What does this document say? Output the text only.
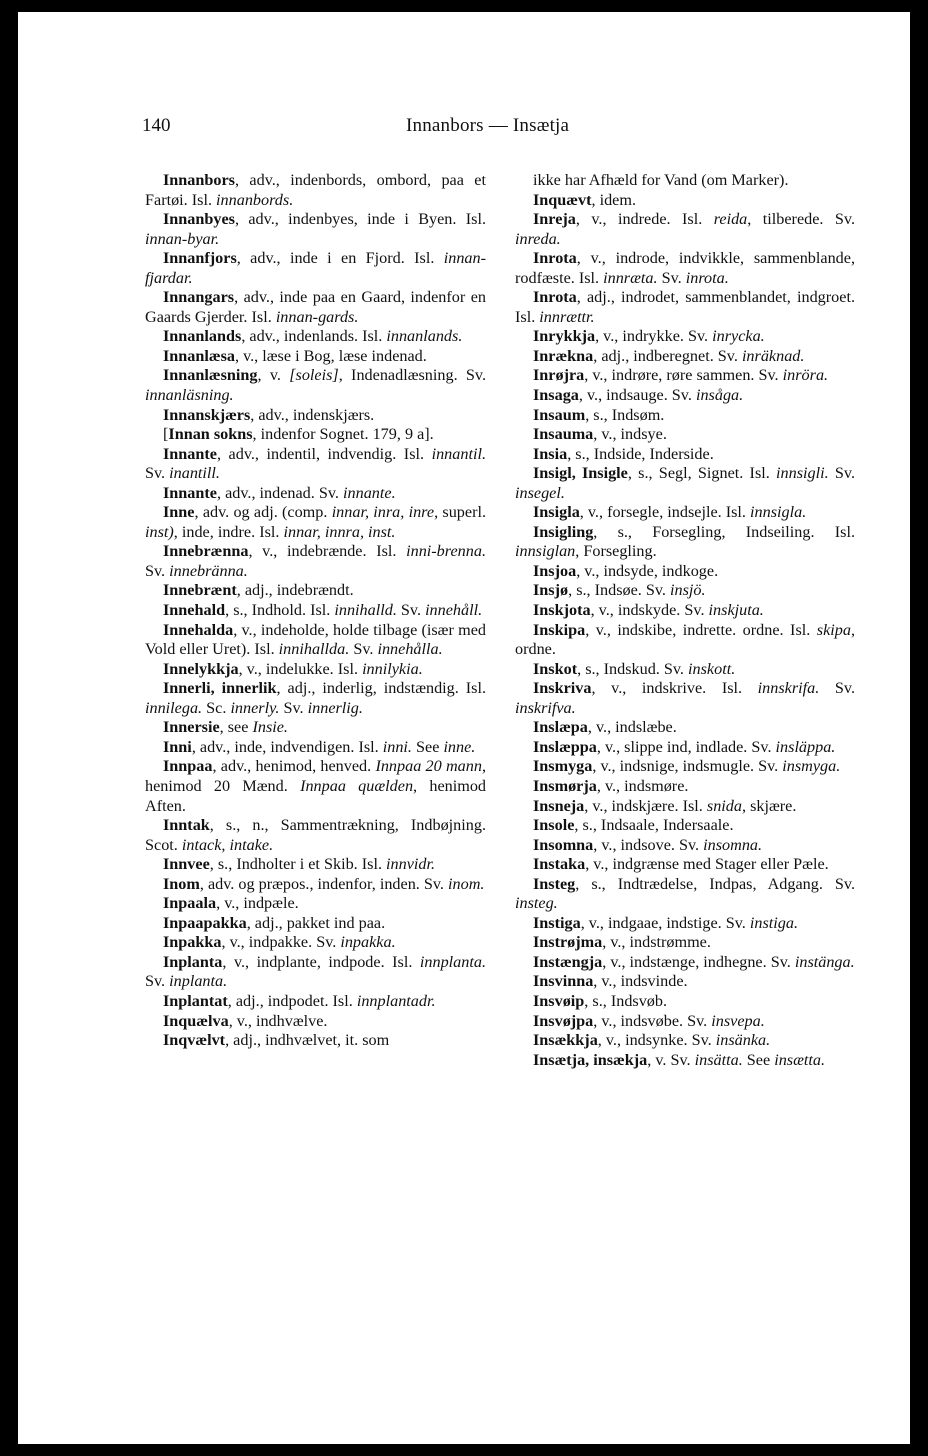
140	Innanbors — Insætja

Innanbors, adv., indenbords, ombord, paa et Fartøi. Isl. innanbords.

Innanbyes, adv., indenbyes, inde i Byen. Isl. innan-byar.

Innanfjors, adv., inde i en Fjord. Isl. innan-fjardar.

Innangars, adv., inde paa en Gaard, indenfor en Gaards Gjerder. Isl. innan-gards.

Innanlands, adv., indenlands. Isl. innanlands.

Innanlæsa, v., læse i Bog, læse indenad.

Innanlæsning, v. [soleis], Indenadlæsning. Sv. innanläsning.

Innanskjærs, adv., indenskjærs.

[Innan sokns, indenfor Sognet. 179, 9 a].

Innante, adv., indentil, indvendig. Isl. innantil. Sv. inantill.

Innante, adv., indenad. Sv. innante.

Inne, adv. og adj. (comp. innar, inra, inre, superl. inst), inde, indre. Isl. innar, innra, inst.

Innebrænna, v., indebrænde. Isl. inni-brenna. Sv. innebränna.

Innebrænt, adj., indebrændt.

Innehald, s., Indhold. Isl. innihalld. Sv. innehåll.

Innehalda, v., indeholde, holde tilbage (især med Vold eller Uret). Isl. innihallda. Sv. innehålla.

Innelykkja, v., indelukke. Isl. innilykia.

Innerli, innerlik, adj., inderlig, indstændig. Isl. innilega. Sc. innerly. Sv. innerlig.

Innersie, see Insie.

Inni, adv., inde, indvendigen. Isl. inni. See inne.

Innpaa, adv., henimod, henved. Innpaa 20 mann, henimod 20 Mænd. Innpaa quælden, henimod Aften.

Inntak, s., n., Sammentrækning, Indbøjning. Scot. intack, intake.

Innvee, s., Indholter i et Skib. Isl. innvidr.

Inom, adv. og præpos., indenfor, inden. Sv. inom.

Inpaala, v., indpæle.

Inpaapakka, adj., pakket ind paa.

Inpakka, v., indpakke. Sv. inpakka.

Inplanta, v., indplante, indpode. Isl. innplanta. Sv. inplanta.

Inplantat, adj., indpodet. Isl. innplantadr.

Inquælva, v., indhvælve.

Inqvælvt, adj., indhvælvet, it. som

ikke har Afhæld for Vand (om Marker).

Inquævt, idem.

Inreja, v., indrede. Isl. reida, tilberede. Sv. inreda.

Inrota, v., indrode, indvikkle, sammenblande, rodfæste. Isl. innræta. Sv. inrota.

Inrota, adj., indrodet, sammenblandet, indgroet. Isl. innrættr.

Inrykkja, v., indrykke. Sv. inrycka.

Inrækna, adj., indberegnet. Sv. inräknad.

Inrøjra, v., indrøre, røre sammen. Sv. inröra.

Insaga, v., indsauge. Sv. insåga.

Insaum, s., Indsøm.

Insauma, v., indsye.

Insia, s., Indside, Inderside.

Insigl, Insigle, s., Segl, Signet. Isl. innsigli. Sv. insegel.

Insigla, v., forsegle, indsejle. Isl. innsigla.

Insigling, s., Forsegling, Indseiling. Isl. innsiglan, Forsegling.

Insjoa, v., indsyde, indkoge.

Insjø, s., Indsøe. Sv. insjö.

Inskjota, v., indskyde. Sv. inskjuta.

Inskipa, v., indskibe, indrette. ordne. Isl. skipa, ordne.

Inskot, s., Indskud. Sv. inskott.

Inskriva, v., indskrive. Isl. innskrifa. Sv. inskrifva.

Inslæpa, v., indslæbe.

Inslæppa, v., slippe ind, indlade. Sv. insläppa.

Insmyga, v., indsnige, indsmugle. Sv. insmyga.

Insmørja, v., indsmøre.

Insneja, v., indskjære. Isl. snida, skjære.

Insole, s., Indsaale, Indersaale.

Insomna, v., indsove. Sv. insomna.

Instaka, v., indgrænse med Stager eller Pæle.

Insteg, s., Indtrædelse, Indpas, Adgang. Sv. insteg.

Instiga, v., indgaae, indstige. Sv. instiga.

Instrøjma, v., indstrømme.

Instængja, v., indstænge, indhegne. Sv. instänga.

Insvinna, v., indsvinde.

Insvøip, s., Indsvøb.

Insvøjpa, v., indsvøbe. Sv. insvepa.

Insækkja, v., indsynke. Sv. insänka.

Insætja, insækja, v. Sv. insätta. See insætta.
